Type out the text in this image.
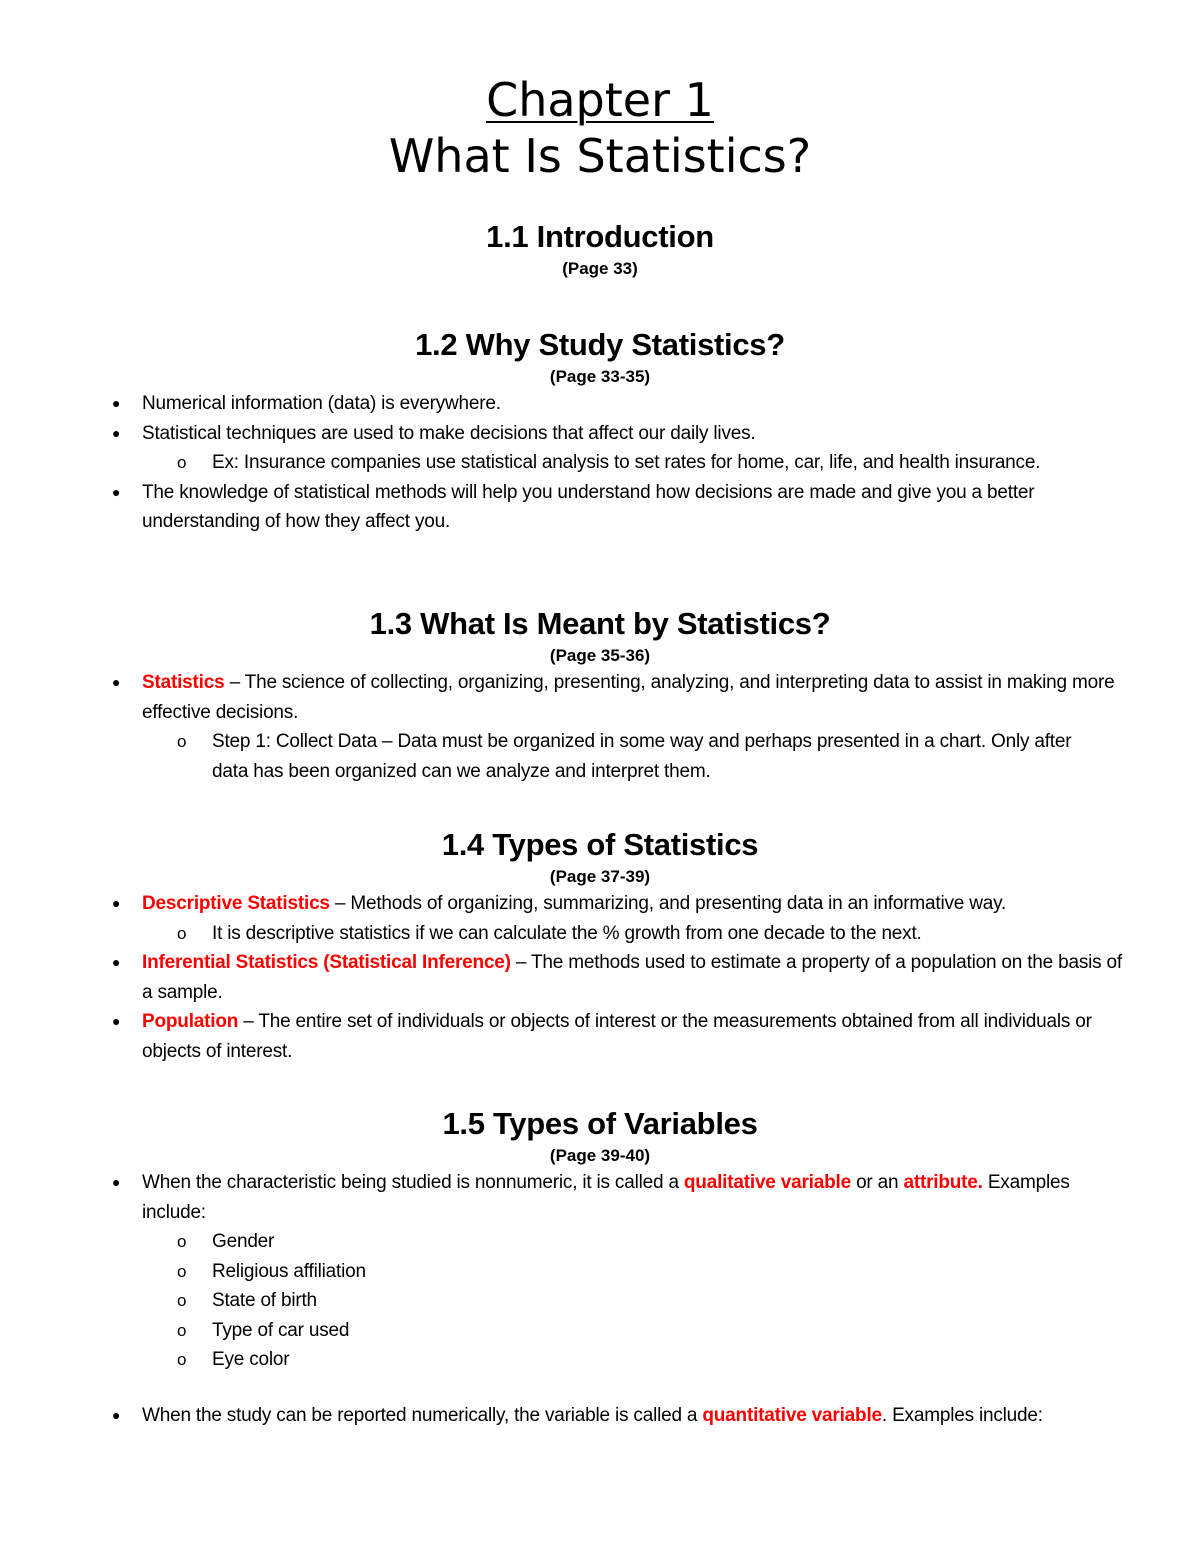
Chapter 1
What Is Statistics?
1.1 Introduction

(Page 33)

1.2 Why Study Statistics?

(Page 33-35)

● Numerical information (data) is everywhere.
● Statistical techniques are used to make decisions that affect our daily lives.
o Ex: Insurance companies use statistical analysis to set rates for home, car, life, and health insurance.
● The knowledge of statistical methods will help you understand how decisions are made and give you a better understanding of how they affect you.
1.3 What Is Meant by Statistics?

(Page 35-36)

● Statistics – The science of collecting, organizing, presenting, analyzing, and interpreting data to assist in making more effective decisions.
o Step 1: Collect Data – Data must be organized in some way and perhaps presented in a chart. Only after data has been organized can we analyze and interpret them.
1.4 Types of Statistics

(Page 37-39)

● Descriptive Statistics – Methods of organizing, summarizing, and presenting data in an informative way.
o It is descriptive statistics if we can calculate the % growth from one decade to the next.
● Inferential Statistics (Statistical Inference) – The methods used to estimate a property of a population on the basis of a sample.
● Population – The entire set of individuals or objects of interest or the measurements obtained from all individuals or objects of interest.
1.5 Types of Variables

(Page 39-40)

● When the characteristic being studied is nonnumeric, it is called a qualitative variable or an attribute. Examples include:
o Gender
o Religious affiliation
o State of birth
o Type of car used
o Eye color
● When the study can be reported numerically, the variable is called a quantitative variable. Examples include:
